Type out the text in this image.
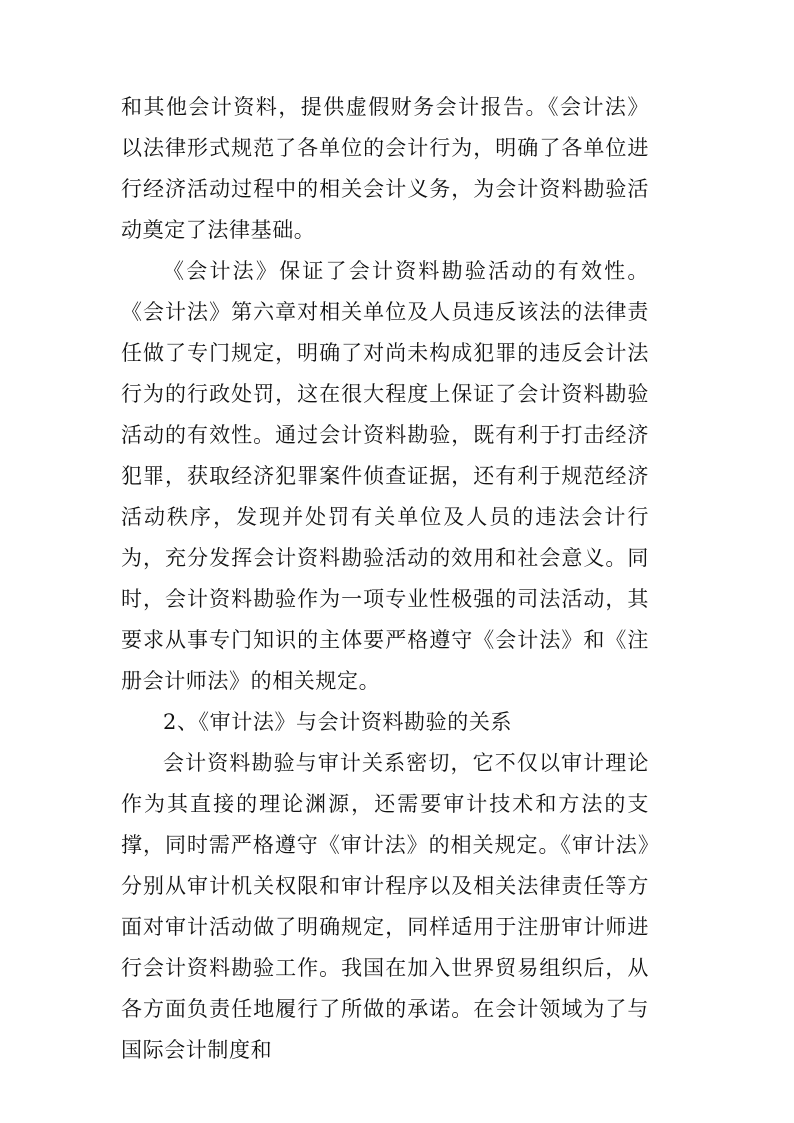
和其他会计资料，提供虚假财务会计报告。《会计法》以法律形式规范了各单位的会计行为，明确了各单位进行经济活动过程中的相关会计义务，为会计资料勘验活动奠定了法律基础。

《会计法》保证了会计资料勘验活动的有效性。《会计法》第六章对相关单位及人员违反该法的法律责任做了专门规定，明确了对尚未构成犯罪的违反会计法行为的行政处罚，这在很大程度上保证了会计资料勘验活动的有效性。通过会计资料勘验，既有利于打击经济犯罪，获取经济犯罪案件侦查证据，还有利于规范经济活动秩序，发现并处罚有关单位及人员的违法会计行为，充分发挥会计资料勘验活动的效用和社会意义。同时，会计资料勘验作为一项专业性极强的司法活动，其要求从事专门知识的主体要严格遵守《会计法》和《注册会计师法》的相关规定。

2、《审计法》与会计资料勘验的关系

会计资料勘验与审计关系密切，它不仅以审计理论作为其直接的理论渊源，还需要审计技术和方法的支撑，同时需严格遵守《审计法》的相关规定。《审计法》分别从审计机关权限和审计程序以及相关法律责任等方面对审计活动做了明确规定，同样适用于注册审计师进行会计资料勘验工作。我国在加入世界贸易组织后，从各方面负责任地履行了所做的承诺。在会计领域为了与国际会计制度和
